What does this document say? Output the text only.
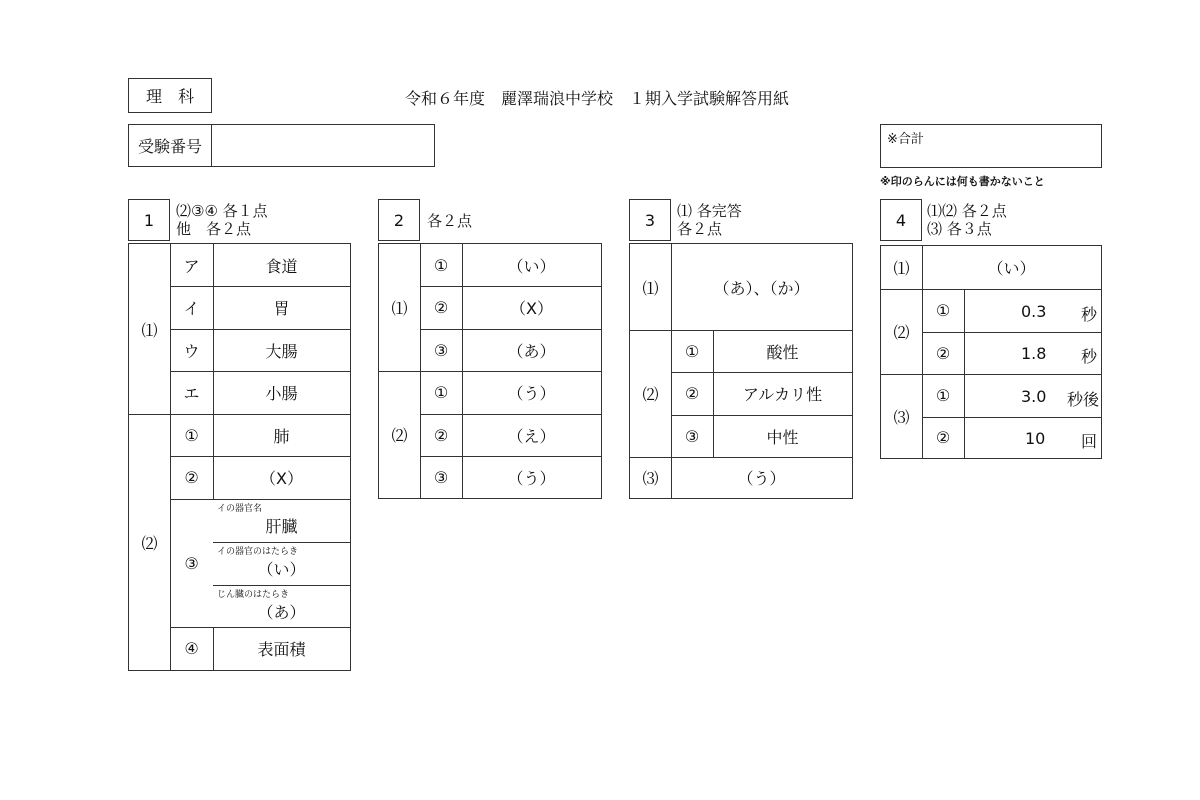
理　科	令和６年度　麗澤瑞浪中学校　１期入学試験解答用紙
受験番号	※合計
※印のらんには何も書かないこと
1 ⑵③④ 各１点
他　各２点
⑴
ア	食道
イ	胃
ウ	大腸
エ	小腸
⑵
①	肺
②	（X）
③
イの器官名
肝臓
イの器官のはたらき
（い）
じん臓のはたらき
（あ）
④	表面積
2 各２点
⑴
①	（い）
②	（X）
③	（あ）
⑵
①	（う）
②	（え）
③	（う）
3 ⑴ 各完答
各２点
⑴	（あ）、（か）
⑵
①	酸性
②	アルカリ性
③	中性
⑶	（う）
4 ⑴⑵ 各２点
⑶ 各３点
⑴	（い）
⑵
①	0.3 秒
②	1.8 秒
⑶
①	3.0 秒後
②	10 回
